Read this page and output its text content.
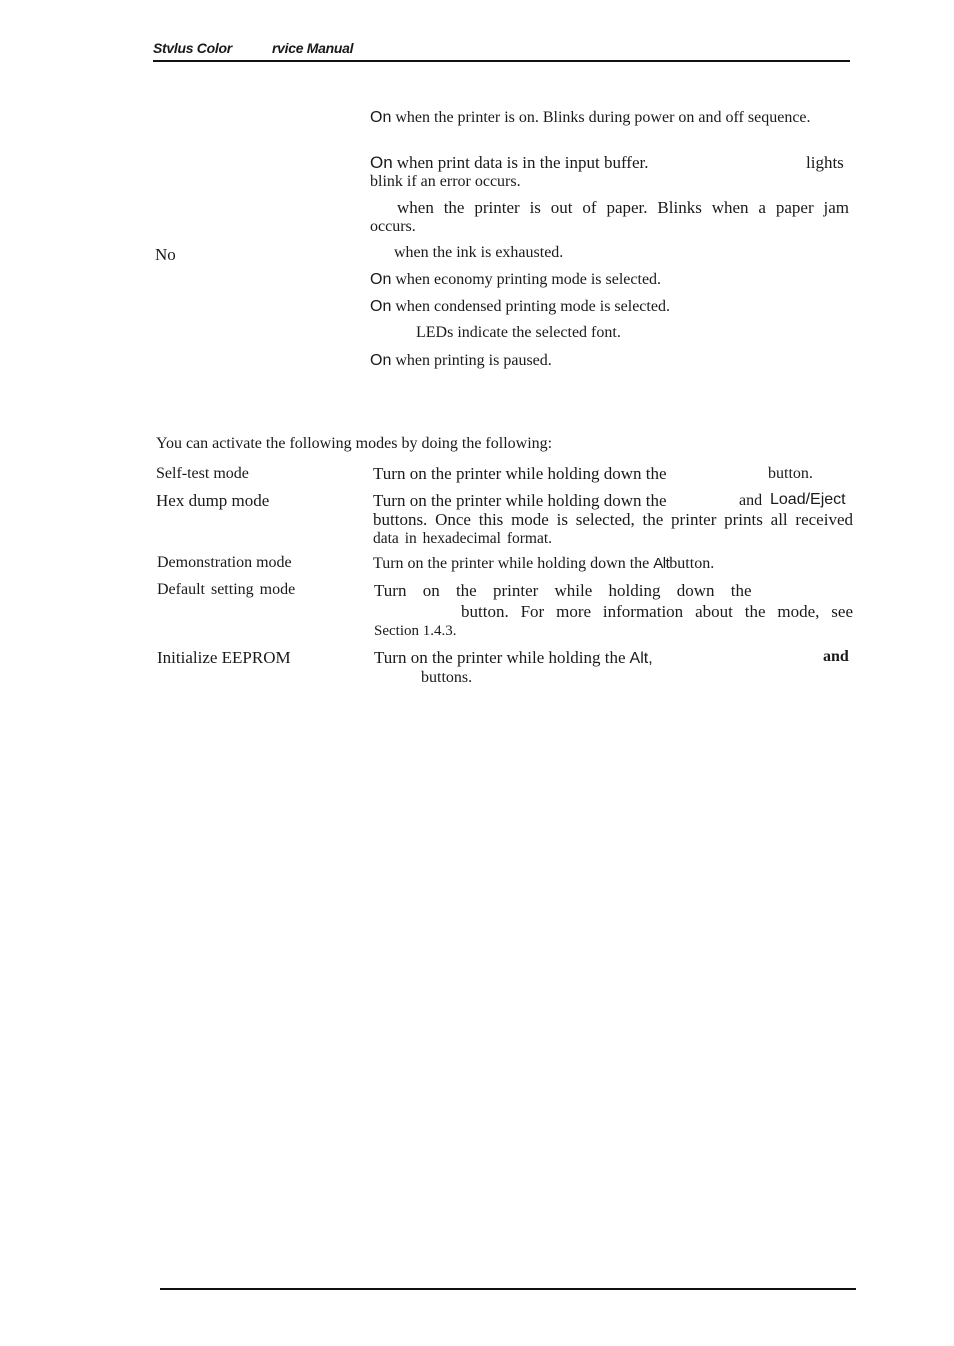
Stvlus Color	rvice Manual
No
On when the printer is on. Blinks during power on and off sequence.
On when print data is in the input buffer.	lights
blink if an error occurs.
when the printer is out of paper. Blinks when a paper jam
occurs.
when the ink is exhausted.
On when economy printing mode is selected.
On when condensed printing mode is selected.
LEDs indicate the selected font.
On when printing is paused.
You can activate the following modes by doing the following:
Self-test mode	Turn on the printer while holding down the	button.
Hex dump mode	Turn on the printer while holding down the	and Load/Eject
buttons. Once this mode is selected, the printer prints all received
data in hexadecimal format.
Demonstration mode	Turn on the printer while holding down the Altbutton.
Default setting mode	Turn on the printer while holding down the
button. For more information about the mode, see
Section 1.4.3.
Initialize EEPROM	Turn on the printer while holding the Alt,	and
buttons.
